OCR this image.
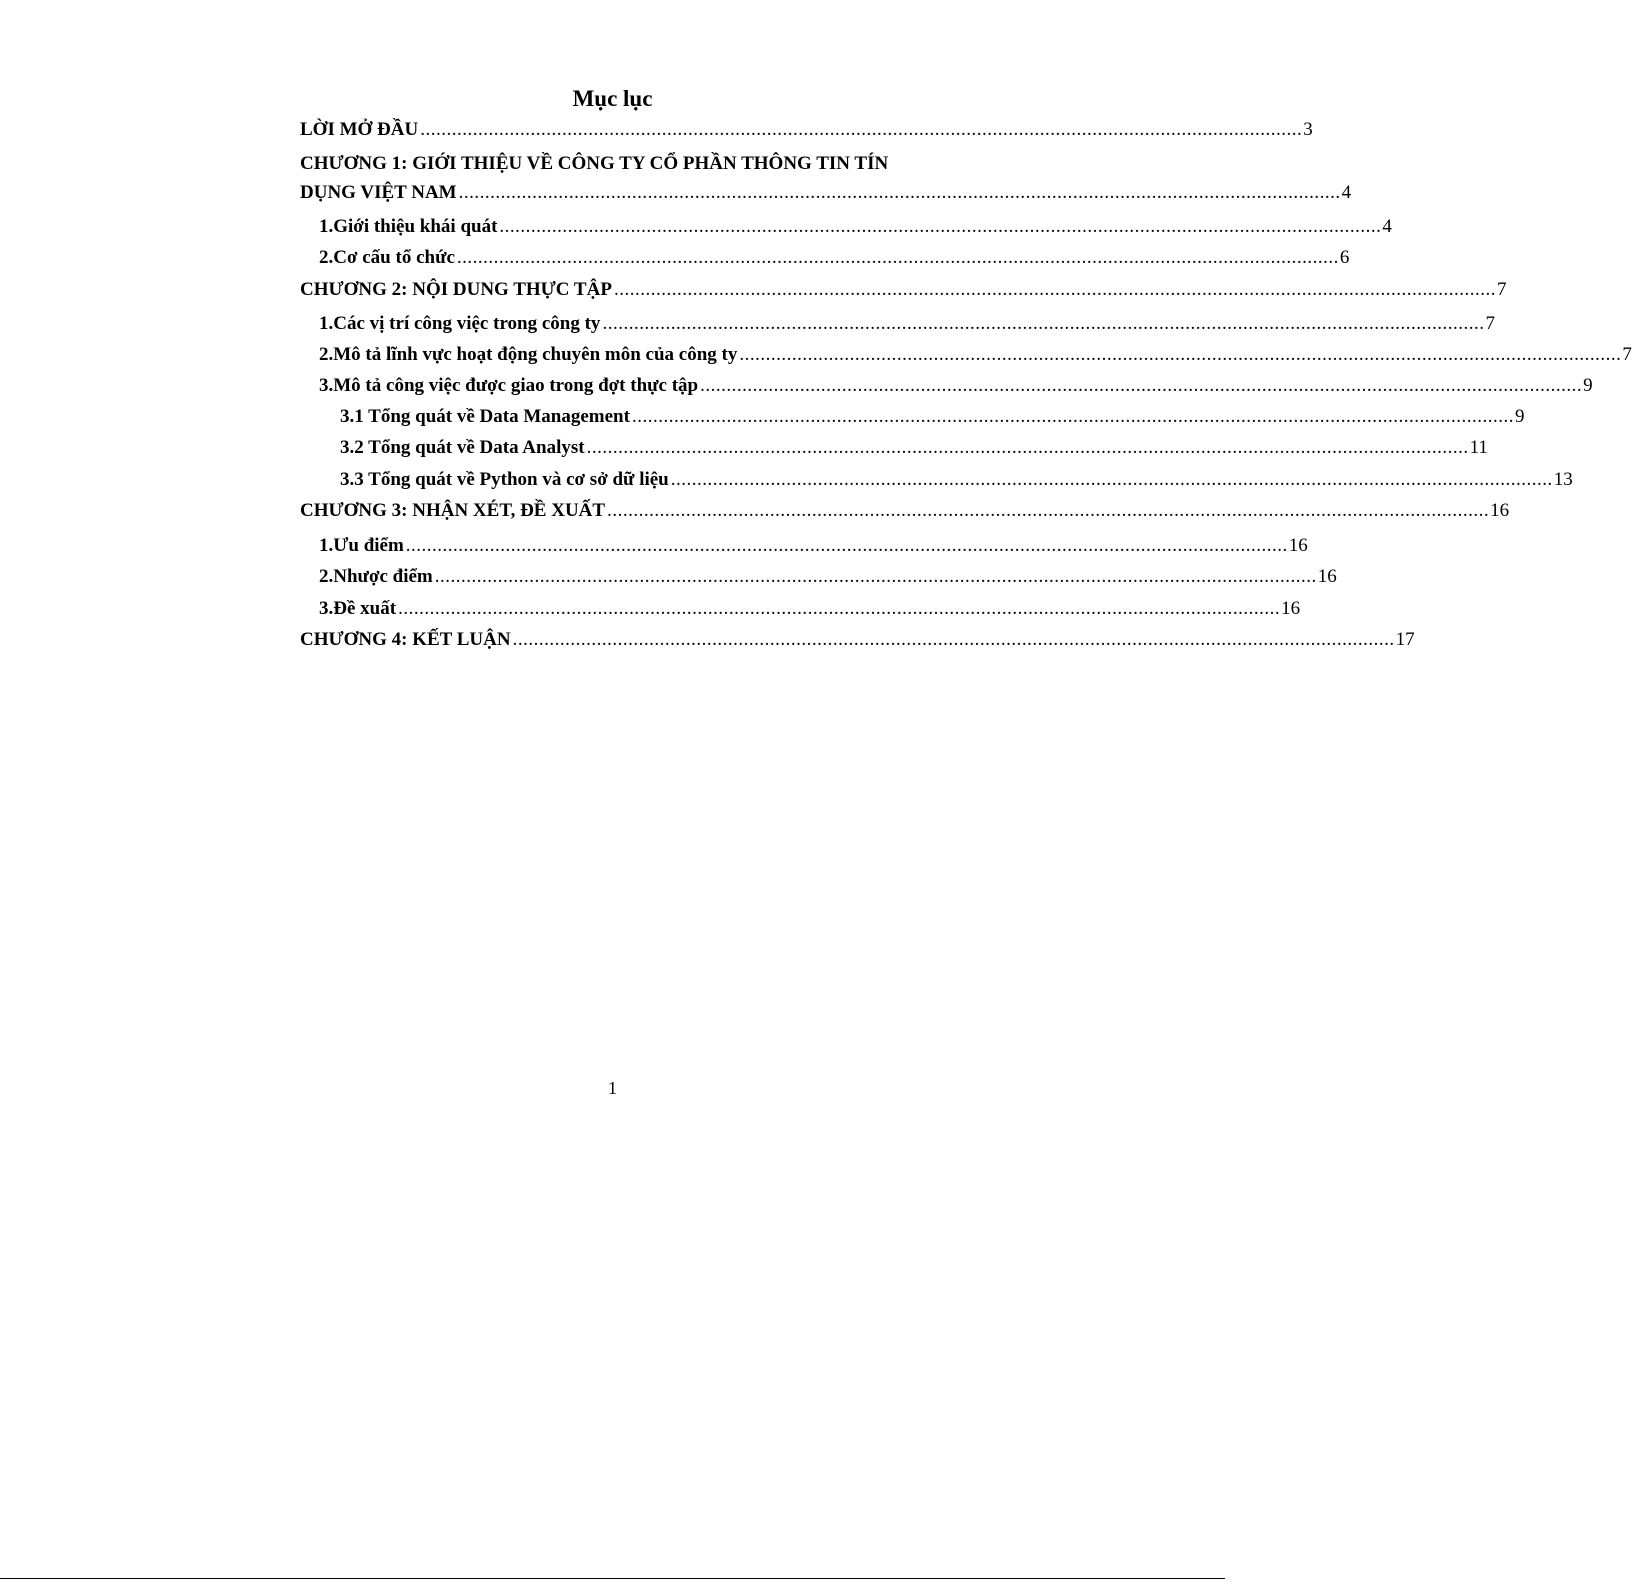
Mục lục
LỜI MỞ ĐẦU ........................................................................................................................................................................ 3
CHƯƠNG 1: GIỚI THIỆU VỀ CÔNG TY CỔ PHẦN THÔNG TIN TÍN
DỤNG VIỆT NAM ........................................................................................................................................................................ 4
1. Giới thiệu khái quát ........................................................................................................................................................................ 4
2. Cơ cấu tổ chức ........................................................................................................................................................................ 6
CHƯƠNG 2: NỘI DUNG THỰC TẬP ........................................................................................................................................................................ 7
1. Các vị trí công việc trong công ty ........................................................................................................................................................................ 7
2. Mô tả lĩnh vực hoạt động chuyên môn của công ty ........................................................................................................................................................................ 7
3. Mô tả công việc được giao trong đợt thực tập ........................................................................................................................................................................ 9
3.1 Tổng quát về Data Management ........................................................................................................................................................................ 9
3.2 Tổng quát về Data Analyst ........................................................................................................................................................................ 11
3.3 Tổng quát về Python và cơ sở dữ liệu ........................................................................................................................................................................ 13
CHƯƠNG 3: NHẬN XÉT, ĐỀ XUẤT ........................................................................................................................................................................ 16
1. Ưu điểm ........................................................................................................................................................................ 16
2. Nhược điểm ........................................................................................................................................................................ 16
3. Đề xuất ........................................................................................................................................................................ 16
CHƯƠNG 4: KẾT LUẬN ........................................................................................................................................................................ 17
1
